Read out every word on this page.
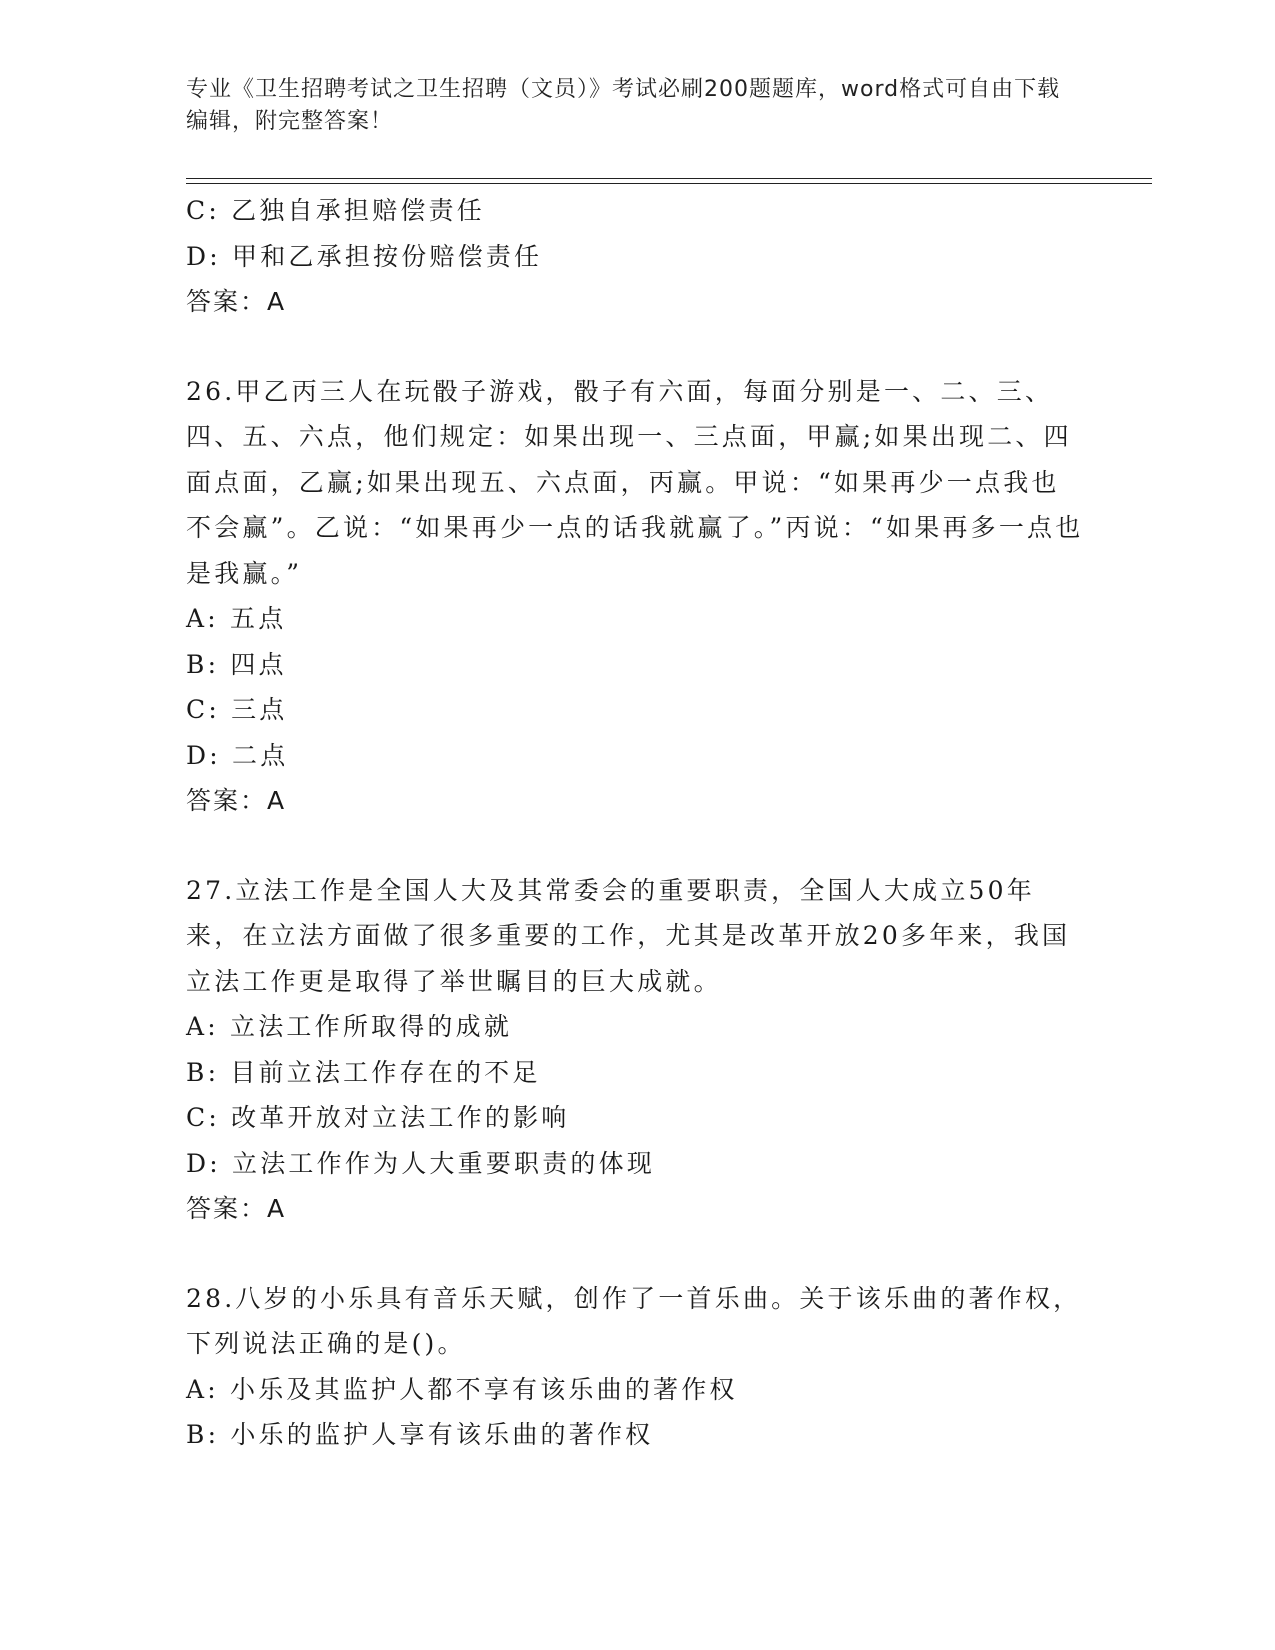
专业《卫生招聘考试之卫生招聘（文员）》考试必刷200题题库，word格式可自由下载编辑，附完整答案！
C: 乙独自承担赔偿责任
D: 甲和乙承担按份赔偿责任
答案：A
26.甲乙丙三人在玩骰子游戏，骰子有六面，每面分别是一、二、三、四、五、六点，他们规定：如果出现一、三点面，甲赢;如果出现二、四面点面，乙赢;如果出现五、六点面，丙赢。甲说：“如果再少一点我也不会赢”。乙说：“如果再少一点的话我就赢了。”丙说：“如果再多一点也是我赢。”
A: 五点
B: 四点
C: 三点
D: 二点
答案：A
27.立法工作是全国人大及其常委会的重要职责，全国人大成立50年来，在立法方面做了很多重要的工作，尤其是改革开放20多年来，我国立法工作更是取得了举世瞩目的巨大成就。
A: 立法工作所取得的成就
B: 目前立法工作存在的不足
C: 改革开放对立法工作的影响
D: 立法工作作为人大重要职责的体现
答案：A
28.八岁的小乐具有音乐天赋，创作了一首乐曲。关于该乐曲的著作权，下列说法正确的是()。
A: 小乐及其监护人都不享有该乐曲的著作权
B: 小乐的监护人享有该乐曲的著作权
